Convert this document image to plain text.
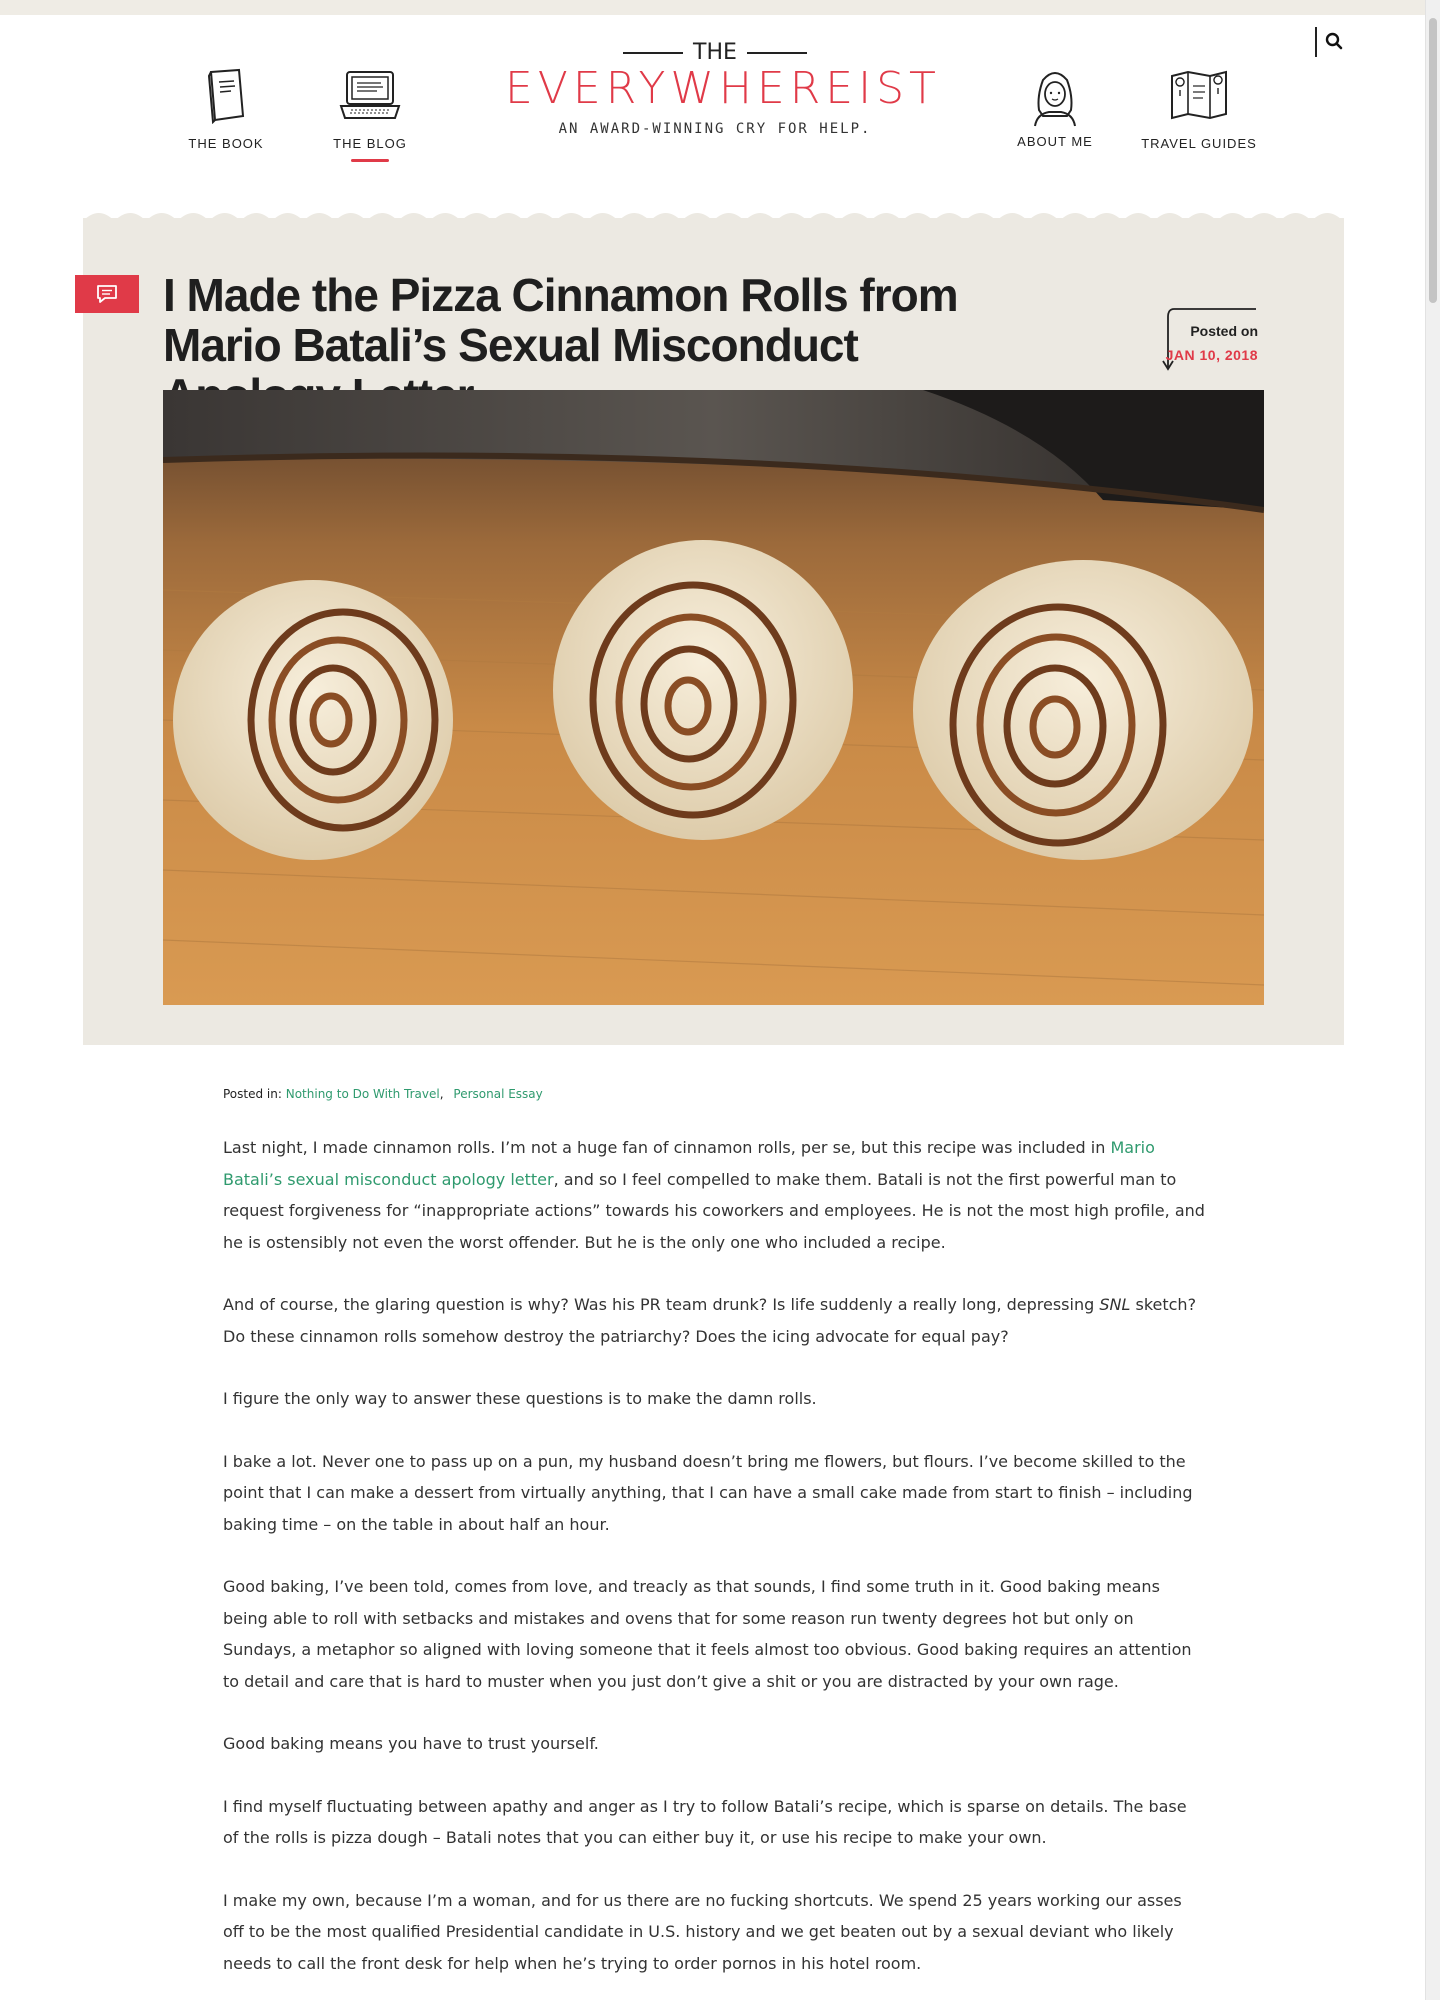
THE BOOK	THE BLOG
THE
EVERYWHEREIST
AN AWARD-WINNING CRY FOR HELP.
ABOUT ME	TRAVEL GUIDES
I Made the Pizza Cinnamon Rolls from Mario Batali’s Sexual Misconduct	Posted on
JAN 10, 2018
Posted in: Nothing to Do With Travel, Personal Essay

Last night, I made cinnamon rolls. I’m not a huge fan of cinnamon rolls, per se, but this recipe was included in Mario Batali’s sexual misconduct apology letter, and so I feel compelled to make them. Batali is not the first powerful man to request forgiveness for “inappropriate actions” towards his coworkers and employees. He is not the most high profile, and he is ostensibly not even the worst offender. But he is the only one who included a recipe.

And of course, the glaring question is why? Was his PR team drunk? Is life suddenly a really long, depressing SNL sketch? Do these cinnamon rolls somehow destroy the patriarchy? Does the icing advocate for equal pay?

I figure the only way to answer these questions is to make the damn rolls.

I bake a lot. Never one to pass up on a pun, my husband doesn’t bring me flowers, but flours. I’ve become skilled to the point that I can make a dessert from virtually anything, that I can have a small cake made from start to finish – including baking time – on the table in about half an hour.

Good baking, I’ve been told, comes from love, and treacly as that sounds, I find some truth in it. Good baking means being able to roll with setbacks and mistakes and ovens that for some reason run twenty degrees hot but only on Sundays, a metaphor so aligned with loving someone that it feels almost too obvious. Good baking requires an attention to detail and care that is hard to muster when you just don’t give a shit or you are distracted by your own rage.

Good baking means you have to trust yourself.

I find myself fluctuating between apathy and anger as I try to follow Batali’s recipe, which is sparse on details. The base of the rolls is pizza dough – Batali notes that you can either buy it, or use his recipe to make your own.

I make my own, because I’m a woman, and for us there are no fucking shortcuts. We spend 25 years working our asses off to be the most qualified Presidential candidate in U.S. history and we get beaten out by a sexual deviant who likely needs to call the front desk for help when he’s trying to order pornos in his hotel room.
